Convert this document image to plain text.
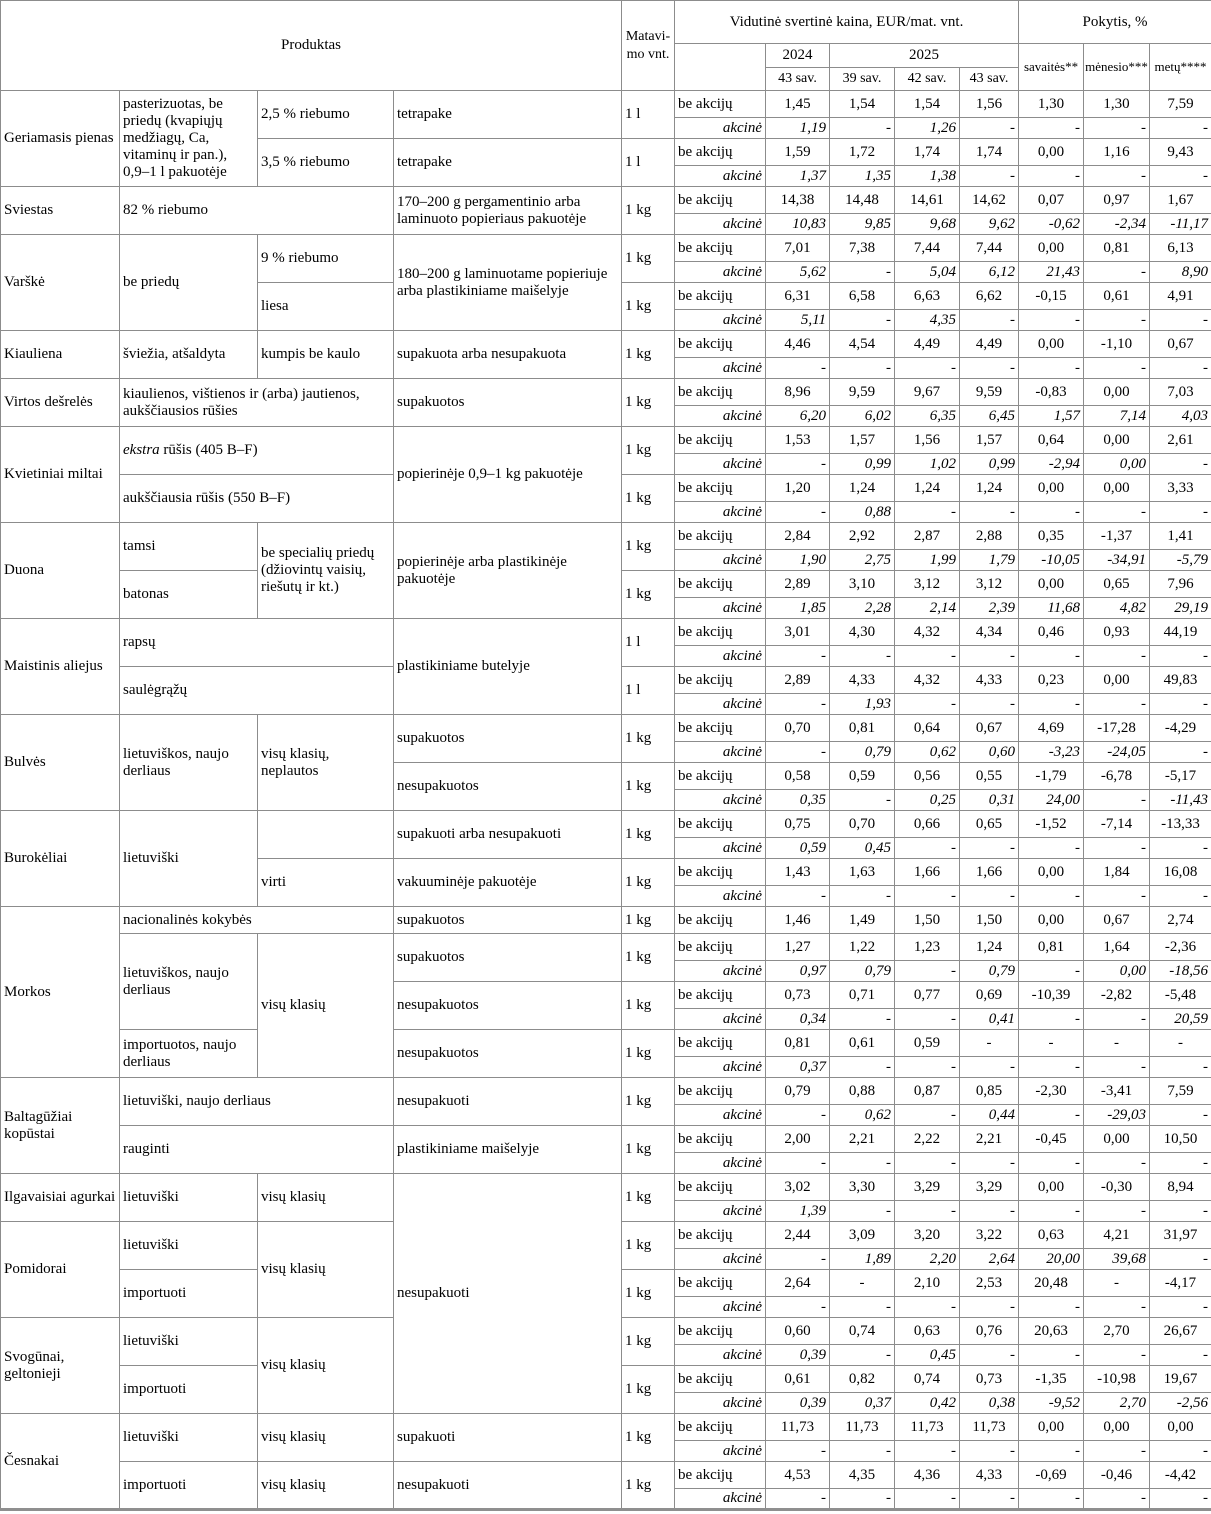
Produktas				Matavi-
mo vnt.	Vidutinė svertinė kaina, EUR/mat. vnt.					Pokytis, %		
						2024	2025			savaitės**	mėnesio***	metų****
						43 sav.	39 sav.	42 sav.	43 sav.			
Geriamasis pienas	pasterizuotas, be priedų (kvapiųjų medžiagų, Ca, vitaminų ir pan.), 0,9–1 l pakuotėje	2,5 % riebumo	tetrapake	1 l	be akcijų	1,45	1,54	1,54	1,56	1,30	1,30	7,59
					akcinė	1,19	-	1,26	-	-	-	-
		3,5 % riebumo	tetrapake	1 l	be akcijų	1,59	1,72	1,74	1,74	0,00	1,16	9,43
					akcinė	1,37	1,35	1,38	-	-	-	-
Sviestas	82 % riebumo		170–200 g pergamentinio arba laminuoto popieriaus pakuotėje	1 kg	be akcijų	14,38	14,48	14,61	14,62	0,07	0,97	1,67
					akcinė	10,83	9,85	9,68	9,62	-0,62	-2,34	-11,17
Varškė	be priedų	9 % riebumo	180–200 g laminuotame popieriuje arba plastikiniame maišelyje	1 kg	be akcijų	7,01	7,38	7,44	7,44	0,00	0,81	6,13
					akcinė	5,62	-	5,04	6,12	21,43	-	8,90
		liesa		1 kg	be akcijų	6,31	6,58	6,63	6,62	-0,15	0,61	4,91
					akcinė	5,11	-	4,35	-	-	-	-
Kiauliena	šviežia, atšaldyta	kumpis be kaulo	supakuota arba nesupakuota	1 kg	be akcijų	4,46	4,54	4,49	4,49	0,00	-1,10	0,67
					akcinė	-	-	-	-	-	-	-
Virtos dešrelės	kiaulienos, vištienos ir (arba) jautienos, aukščiausios rūšies		supakuotos	1 kg	be akcijų	8,96	9,59	9,67	9,59	-0,83	0,00	7,03
					akcinė	6,20	6,02	6,35	6,45	1,57	7,14	4,03
Kvietiniai miltai	ekstra rūšis (405 B–F)		popierinėje 0,9–1 kg pakuotėje	1 kg	be akcijų	1,53	1,57	1,56	1,57	0,64	0,00	2,61
					akcinė	-	0,99	1,02	0,99	-2,94	0,00	-
	aukščiausia rūšis (550 B–F)			1 kg	be akcijų	1,20	1,24	1,24	1,24	0,00	0,00	3,33
					akcinė	-	0,88	-	-	-	-	-
Duona	tamsi	be specialių priedų (džiovintų vaisių, riešutų ir kt.)	popierinėje arba plastikinėje pakuotėje	1 kg	be akcijų	2,84	2,92	2,87	2,88	0,35	-1,37	1,41
					akcinė	1,90	2,75	1,99	1,79	-10,05	-34,91	-5,79
	batonas			1 kg	be akcijų	2,89	3,10	3,12	3,12	0,00	0,65	7,96
					akcinė	1,85	2,28	2,14	2,39	11,68	4,82	29,19
Maistinis aliejus	rapsų		plastikiniame butelyje	1 l	be akcijų	3,01	4,30	4,32	4,34	0,46	0,93	44,19
					akcinė	-	-	-	-	-	-	-
	saulėgrąžų			1 l	be akcijų	2,89	4,33	4,32	4,33	0,23	0,00	49,83
					akcinė	-	1,93	-	-	-	-	-
Bulvės	lietuviškos, naujo derliaus	visų klasių, neplautos	supakuotos	1 kg	be akcijų	0,70	0,81	0,64	0,67	4,69	-17,28	-4,29
					akcinė	-	0,79	0,62	0,60	-3,23	-24,05	-
			nesupakuotos	1 kg	be akcijų	0,58	0,59	0,56	0,55	-1,79	-6,78	-5,17
					akcinė	0,35	-	0,25	0,31	24,00	-	-11,43
Burokėliai	lietuviški		supakuoti arba nesupakuoti	1 kg	be akcijų	0,75	0,70	0,66	0,65	-1,52	-7,14	-13,33
					akcinė	0,59	0,45	-	-	-	-	-
		virti	vakuuminėje pakuotėje	1 kg	be akcijų	1,43	1,63	1,66	1,66	0,00	1,84	16,08
					akcinė	-	-	-	-	-	-	-
Morkos	nacionalinės kokybės		supakuotos	1 kg	be akcijų	1,46	1,49	1,50	1,50	0,00	0,67	2,74
	lietuviškos, naujo derliaus	visų klasių	supakuotos	1 kg	be akcijų	1,27	1,22	1,23	1,24	0,81	1,64	-2,36
					akcinė	0,97	0,79	-	0,79	-	0,00	-18,56
			nesupakuotos	1 kg	be akcijų	0,73	0,71	0,77	0,69	-10,39	-2,82	-5,48
					akcinė	0,34	-	-	0,41	-	-	20,59
	importuotos, naujo derliaus		nesupakuotos	1 kg	be akcijų	0,81	0,61	0,59	-	-	-	-
					akcinė	0,37	-	-	-	-	-	-
Baltagūžiai kopūstai	lietuviški, naujo derliaus		nesupakuoti	1 kg	be akcijų	0,79	0,88	0,87	0,85	-2,30	-3,41	7,59
					akcinė	-	0,62	-	0,44	-	-29,03	-
	rauginti		plastikiniame maišelyje	1 kg	be akcijų	2,00	2,21	2,22	2,21	-0,45	0,00	10,50
					akcinė	-	-	-	-	-	-	-
Ilgavaisiai agurkai	lietuviški	visų klasių	nesupakuoti	1 kg	be akcijų	3,02	3,30	3,29	3,29	0,00	-0,30	8,94
					akcinė	1,39	-	-	-	-	-	-
Pomidorai	lietuviški	visų klasių		1 kg	be akcijų	2,44	3,09	3,20	3,22	0,63	4,21	31,97
					akcinė	-	1,89	2,20	2,64	20,00	39,68	-
	importuoti			1 kg	be akcijų	2,64	-	2,10	2,53	20,48	-	-4,17
					akcinė	-	-	-	-	-	-	-
Svogūnai, geltonieji	lietuviški	visų klasių		1 kg	be akcijų	0,60	0,74	0,63	0,76	20,63	2,70	26,67
					akcinė	0,39	-	0,45	-	-	-	-
	importuoti			1 kg	be akcijų	0,61	0,82	0,74	0,73	-1,35	-10,98	19,67
					akcinė	0,39	0,37	0,42	0,38	-9,52	2,70	-2,56
Česnakai	lietuviški	visų klasių	supakuoti	1 kg	be akcijų	11,73	11,73	11,73	11,73	0,00	0,00	0,00
					akcinė	-	-	-	-	-	-	-
	importuoti	visų klasių	nesupakuoti	1 kg	be akcijų	4,53	4,35	4,36	4,33	-0,69	-0,46	-4,42
					akcinė	-	-	-	-	-	-	-
